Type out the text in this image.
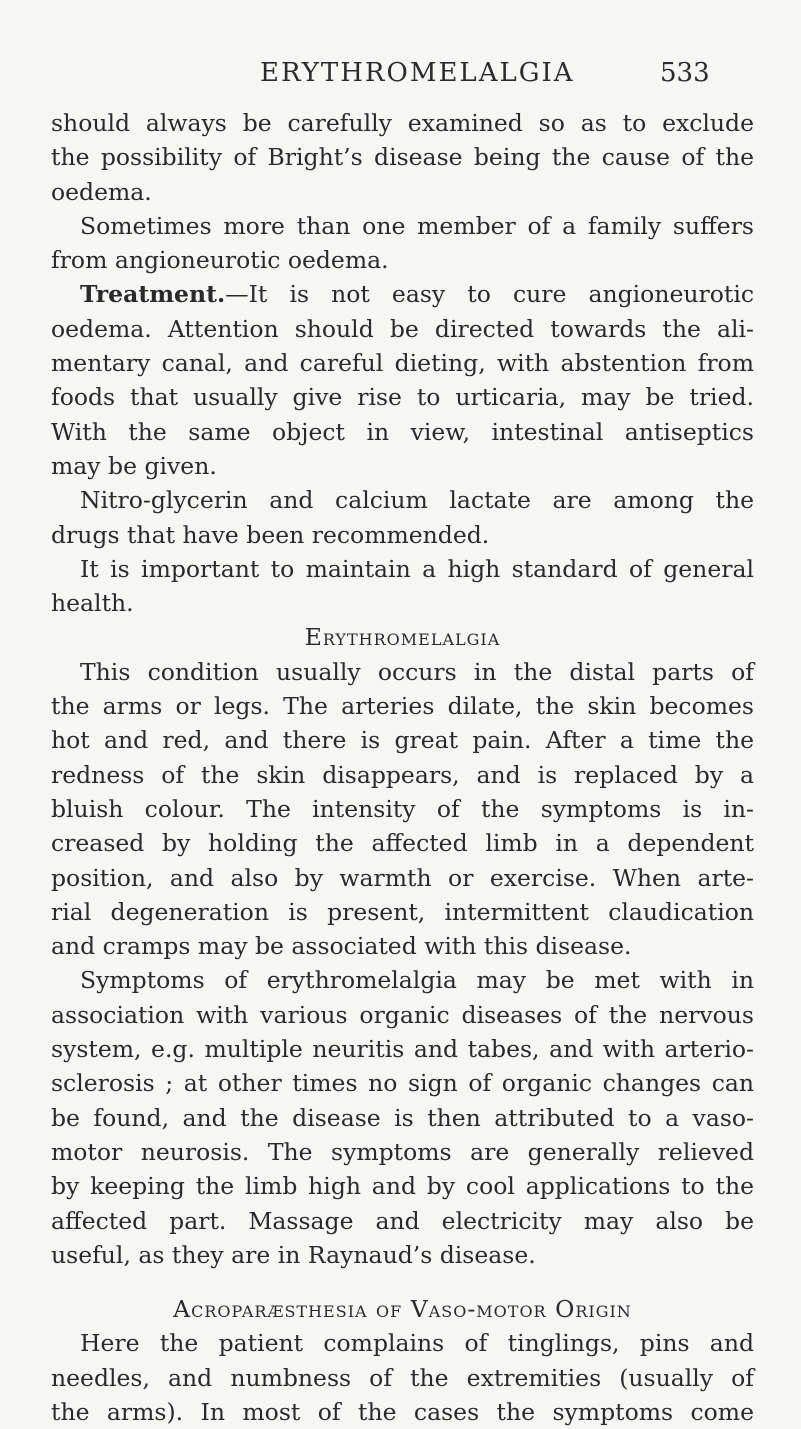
ERYTHROMELALGIA	533
should always be carefully examined so as to exclude
the possibility of Bright’s disease being the cause of the
oedema.
Sometimes more than one member of a family suffers
from angioneurotic oedema.
Treatment.—It is not easy to cure angioneurotic
oedema. Attention should be directed towards the ali-
mentary canal, and careful dieting, with abstention from
foods that usually give rise to urticaria, may be tried.
With the same object in view, intestinal antiseptics
may be given.
Nitro-glycerin and calcium lactate are among the
drugs that have been recommended.
It is important to maintain a high standard of general
health.
Erythromelalgia
This condition usually occurs in the distal parts of
the arms or legs. The arteries dilate, the skin becomes
hot and red, and there is great pain. After a time the
redness of the skin disappears, and is replaced by a
bluish colour. The intensity of the symptoms is in-
creased by holding the affected limb in a dependent
position, and also by warmth or exercise. When arte-
rial degeneration is present, intermittent claudication
and cramps may be associated with this disease.
Symptoms of erythromelalgia may be met with in
association with various organic diseases of the nervous
system, e.g. multiple neuritis and tabes, and with arterio-
sclerosis ; at other times no sign of organic changes can
be found, and the disease is then attributed to a vaso-
motor neurosis. The symptoms are generally relieved
by keeping the limb high and by cool applications to the
affected part. Massage and electricity may also be
useful, as they are in Raynaud’s disease.
Acroparæsthesia of Vaso-motor Origin
Here the patient complains of tinglings, pins and
needles, and numbness of the extremities (usually of
the arms). In most of the cases the symptoms come
